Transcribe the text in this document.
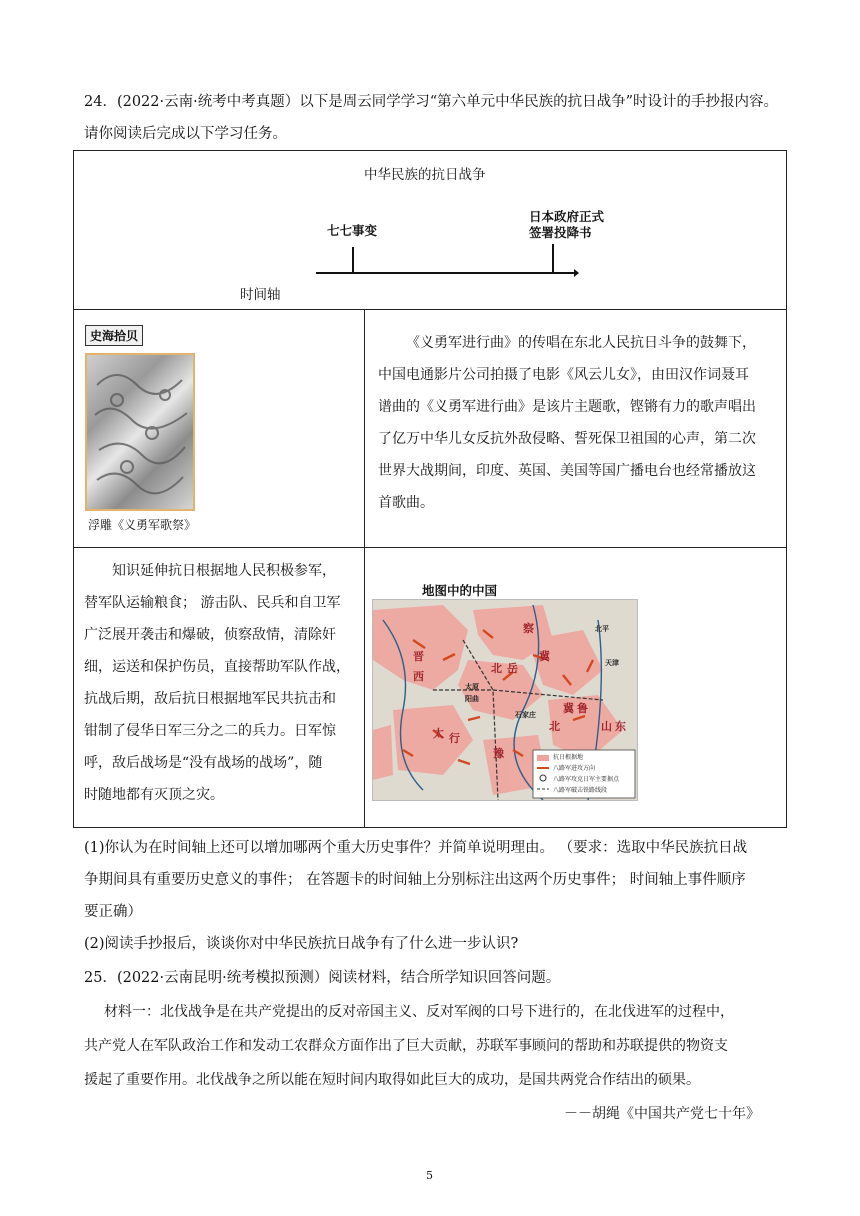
24．(2022·云南·统考中考真题）以下是周云同学学习“第六单元中华民族的抗日战争”时设计的手抄报内容。
请你阅读后完成以下学习任务。
中华民族的抗日战争
七七事变
日本政府正式
签署投降书
时间轴
史海拾贝
浮雕《义勇军歌祭》

《义勇军进行曲》的传唱在东北人民抗日斗争的鼓舞下，

中国电通影片公司拍摄了电影《风云儿女》，由田汉作词聂耳

谱曲的《义勇军进行曲》是该片主题歌，铿锵有力的歌声唱出

了亿万中华儿女反抗外敌侵略、誓死保卫祖国的心声，第二次

世界大战期间，印度、英国、美国等国广播电台也经常播放这

首歌曲。

知识延伸抗日根据地人民积极参军，

替军队运输粮食； 游击队、民兵和自卫军

广泛展开袭击和爆破，侦察敌情，清除奸

细，运送和保护伤员，直接帮助军队作战，

抗战后期，敌后抗日根据地军民共抗击和

钳制了侵华日军三分之二的兵力。日军惊

呼，敌后战场是“没有战场的战场”，随

时随地都有灭顶之灾。

地图中的中国
抗日根据地
八路军进攻方向
八路军攻克日军主要据点
八路军破击铁路线段
晋
察
冀
北 岳
太 行
冀 鲁
豫
山 东
西
北平
天津
石家庄
太原
阳曲
北
(1)你认为在时间轴上还可以增加哪两个重大历史事件？并简单说明理由。 （要求：选取中华民族抗日战
争期间具有重要历史意义的事件； 在答题卡的时间轴上分别标注出这两个历史事件； 时间轴上事件顺序
要正确）
(2)阅读手抄报后，谈谈你对中华民族抗日战争有了什么进一步认识?
25．(2022·云南昆明·统考模拟预测）阅读材料，结合所学知识回答问题。
材料一：北伐战争是在共产党提出的反对帝国主义、反对军阀的口号下进行的，在北伐进军的过程中，
共产党人在军队政治工作和发动工农群众方面作出了巨大贡献，苏联军事顾问的帮助和苏联提供的物资支
援起了重要作用。北伐战争之所以能在短时间内取得如此巨大的成功，是国共两党合作结出的硕果。
－－胡绳《中国共产党七十年》
5
